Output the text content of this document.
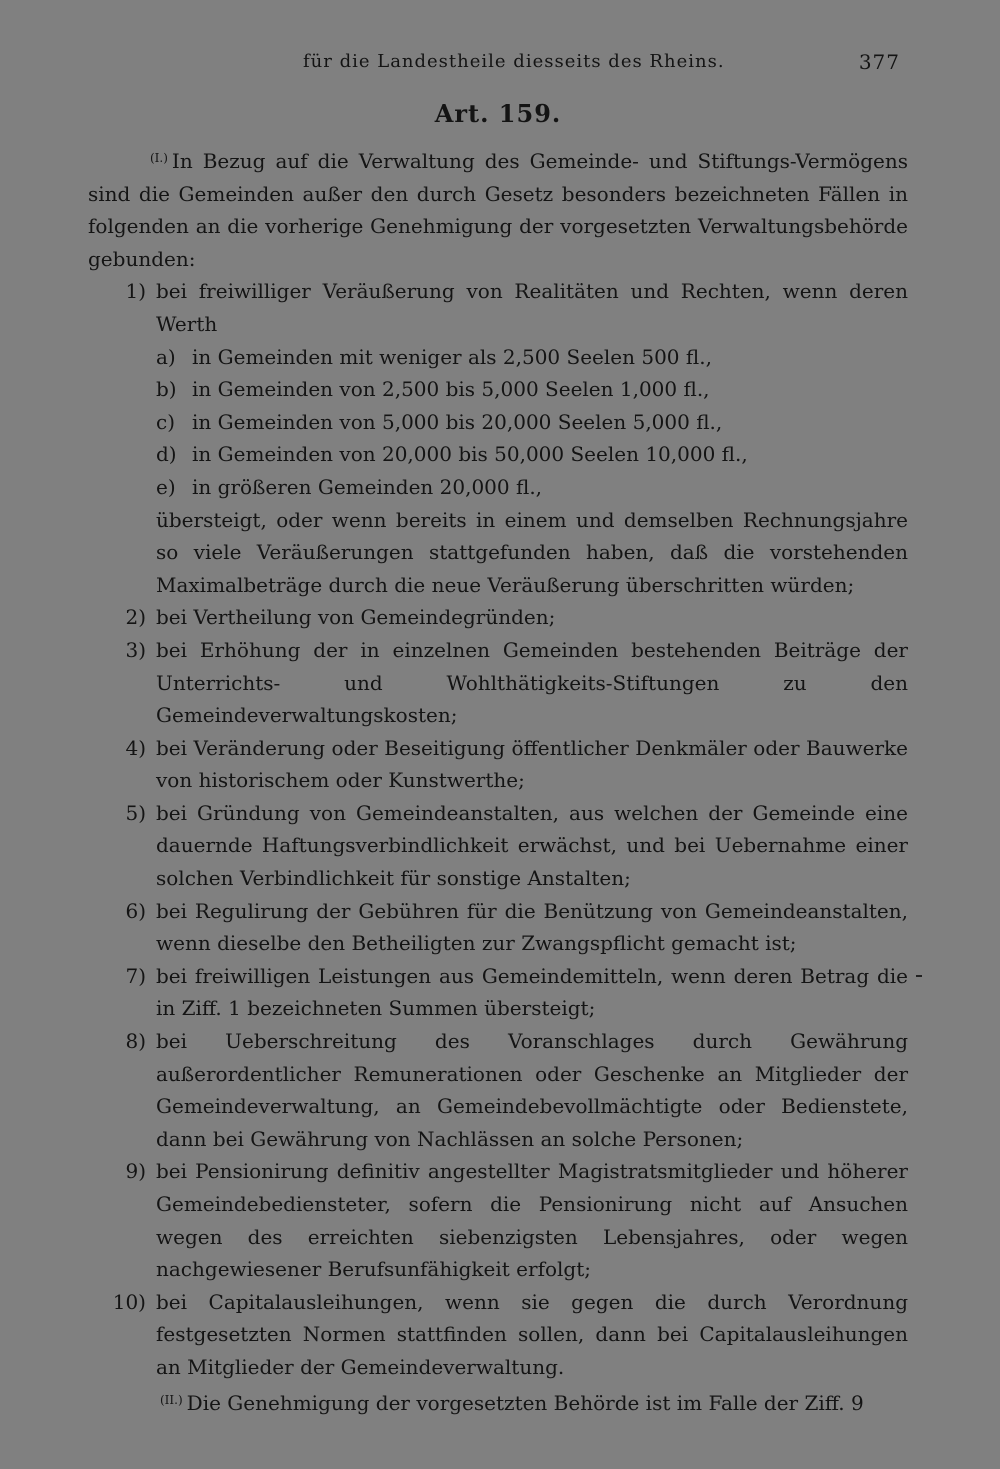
für die Landestheile diesseits des Rheins.	377
Art. 159.

$^{(I.)}$ In Bezug auf die Verwaltung des Gemeinde- und Stiftungs-Vermögens sind die Gemeinden außer den durch Gesetz besonders bezeichneten Fällen in folgenden an die vorherige Genehmigung der vorgesetzten Verwaltungsbehörde gebunden:

1) bei freiwilliger Veräußerung von Realitäten und Rechten, wenn deren Werth
a) in Gemeinden mit weniger als 2,500 Seelen 500 fl.,
b) in Gemeinden von 2,500 bis 5,000 Seelen 1,000 fl.,
c) in Gemeinden von 5,000 bis 20,000 Seelen 5,000 fl.,
d) in Gemeinden von 20,000 bis 50,000 Seelen 10,000 fl.,
e) in größeren Gemeinden 20,000 fl.,
übersteigt, oder wenn bereits in einem und demselben Rechnungsjahre so viele Veräußerungen stattgefunden haben, daß die vorstehenden Maximalbeträge durch die neue Veräußerung überschritten würden;
2) bei Vertheilung von Gemeindegründen;
3) bei Erhöhung der in einzelnen Gemeinden bestehenden Beiträge der Unterrichts- und Wohlthätigkeits-Stiftungen zu den Gemeindeverwaltungskosten;
4) bei Veränderung oder Beseitigung öffentlicher Denkmäler oder Bauwerke von historischem oder Kunstwerthe;
5) bei Gründung von Gemeindeanstalten, aus welchen der Gemeinde eine dauernde Haftungsverbindlichkeit erwächst, und bei Uebernahme einer solchen Verbindlichkeit für sonstige Anstalten;
6) bei Regulirung der Gebühren für die Benützung von Gemeindeanstalten, wenn dieselbe den Betheiligten zur Zwangspflicht gemacht ist;
7) bei freiwilligen Leistungen aus Gemeindemitteln, wenn deren Betrag die in Ziff. 1 bezeichneten Summen übersteigt;
8) bei Ueberschreitung des Voranschlages durch Gewährung außerordentlicher Remunerationen oder Geschenke an Mitglieder der Gemeindeverwaltung, an Gemeindebevollmächtigte oder Bedienstete, dann bei Gewährung von Nachlässen an solche Personen;
9) bei Pensionirung definitiv angestellter Magistratsmitglieder und höherer Gemeindebediensteter, sofern die Pensionirung nicht auf Ansuchen wegen des erreichten siebenzigsten Lebensjahres, oder wegen nachgewiesener Berufsunfähigkeit erfolgt;
10) bei Capitalausleihungen, wenn sie gegen die durch Verordnung festgesetzten Normen stattfinden sollen, dann bei Capitalausleihungen an Mitglieder der Gemeindeverwaltung.

$^{(II.)}$ Die Genehmigung der vorgesetzten Behörde ist im Falle der Ziff. 9
